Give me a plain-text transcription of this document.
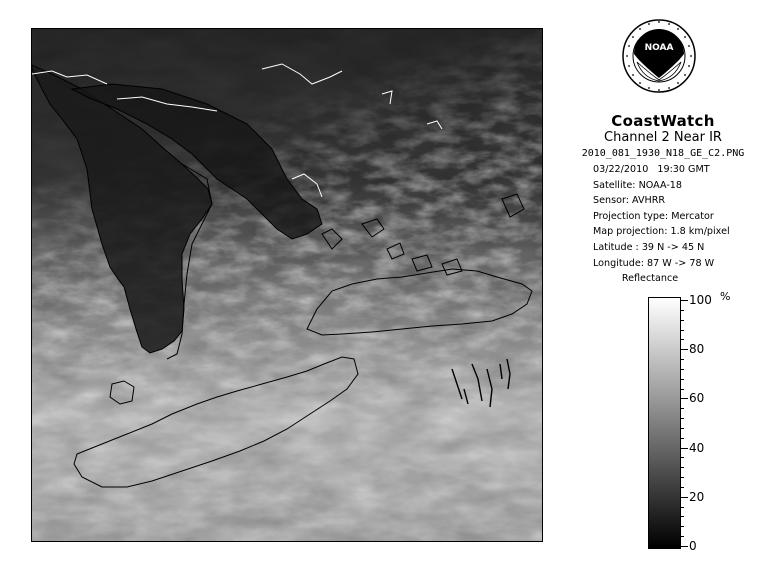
NOAA
CoastWatch
Channel 2 Near IR
2010_081_1930_N18_GE_C2.PNG
03/22/2010 19:30 GMT
Satellite: NOAA-18
Sensor: AVHRR
Projection type: Mercator
Map projection: 1.8 km/pixel
Latitude : 39 N -> 45 N
Longitude: 87 W -> 78 W
Reflectance
%
100
80
60
40
20
0
